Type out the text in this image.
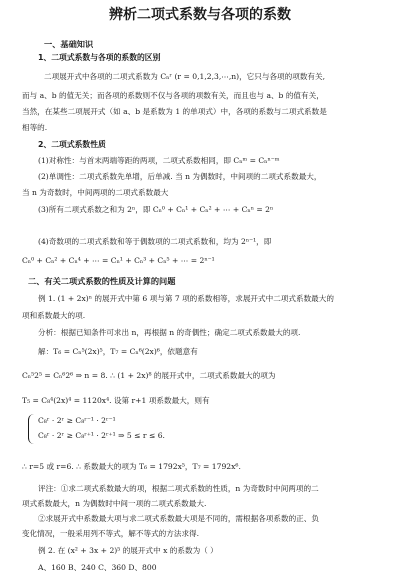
辨析二项式系数与各项的系数
一、基础知识
1、二项式系数与各项的系数的区别
二项展开式中各项的二项式系数为 Cₙʳ (r = 0,1,2,3,⋯,n)，它只与各项的项数有关,
而与 a、b 的值无关；而各项的系数则不仅与各项的项数有关，而且也与 a、b 的值有关，
当然，在某些二项展开式（如 a、b 是系数为 1 的单项式）中，各项的系数与二项式系数是
相等的.
2、二项式系数性质
(1)对称性：与首末两端等距的两项，二项式系数相同，即 Cₙᵐ = Cₙⁿ⁻ᵐ
(2)单调性：二项式系数先单增，后单减. 当 n 为偶数时，中间项的二项式系数最大，
当 n 为奇数时，中间两项的二项式系数最大
(3)所有二项式系数之和为 2ⁿ，即 Cₙ⁰ + Cₙ¹ + Cₙ² + ⋯ + Cₙⁿ = 2ⁿ
(4)奇数项的二项式系数和等于偶数项的二项式系数和，均为 2ⁿ⁻¹，即
Cₙ⁰ + Cₙ² + Cₙ⁴ + ⋯ = Cₙ¹ + Cₙ³ + Cₙ⁵ + ⋯ = 2ⁿ⁻¹
二、有关二项式系数的性质及计算的问题
例 1. (1 + 2x)ⁿ 的展开式中第 6 项与第 7 项的系数相等，求展开式中二项式系数最大的
项和系数最大的项.
分析：根据已知条件可求出 n，再根据 n 的奇偶性；确定二项式系数最大的项.
解：T₆ = Cₙ⁵(2x)⁵，T₇ = Cₙ⁶(2x)⁶，依题意有
Cₙ⁵2⁵ = Cₙ⁶2⁶ ⇒ n = 8. ∴ (1 + 2x)⁸ 的展开式中，二项式系数最大的项为
T₅ = C₈⁴(2x)⁴ = 1120x⁴. 设第 r+1 项系数最大，则有
C₈ʳ · 2ʳ ≥ C₈ʳ⁻¹ · 2ʳ⁻¹
C₈ʳ · 2ʳ ≥ C₈ʳ⁺¹ · 2ʳ⁺¹ ⇒ 5 ≤ r ≤ 6.
∴ r=5 或 r=6. ∴ 系数最大的项为 T₆ = 1792x⁵，T₇ = 1792x⁶.
评注：①求二项式系数最大的项，根据二项式系数的性质，n 为奇数时中间两项的二
项式系数最大，n 为偶数时中间一项的二项式系数最大.
②求展开式中系数最大项与求二项式系数最大项是不同的，需根据各项系数的正、负
变化情况，一般采用列不等式，解不等式的方法求得.
例 2. 在 (x² + 3x + 2)⁵ 的展开式中 x 的系数为（ ）
A、160 B、240 C、360 D、800
